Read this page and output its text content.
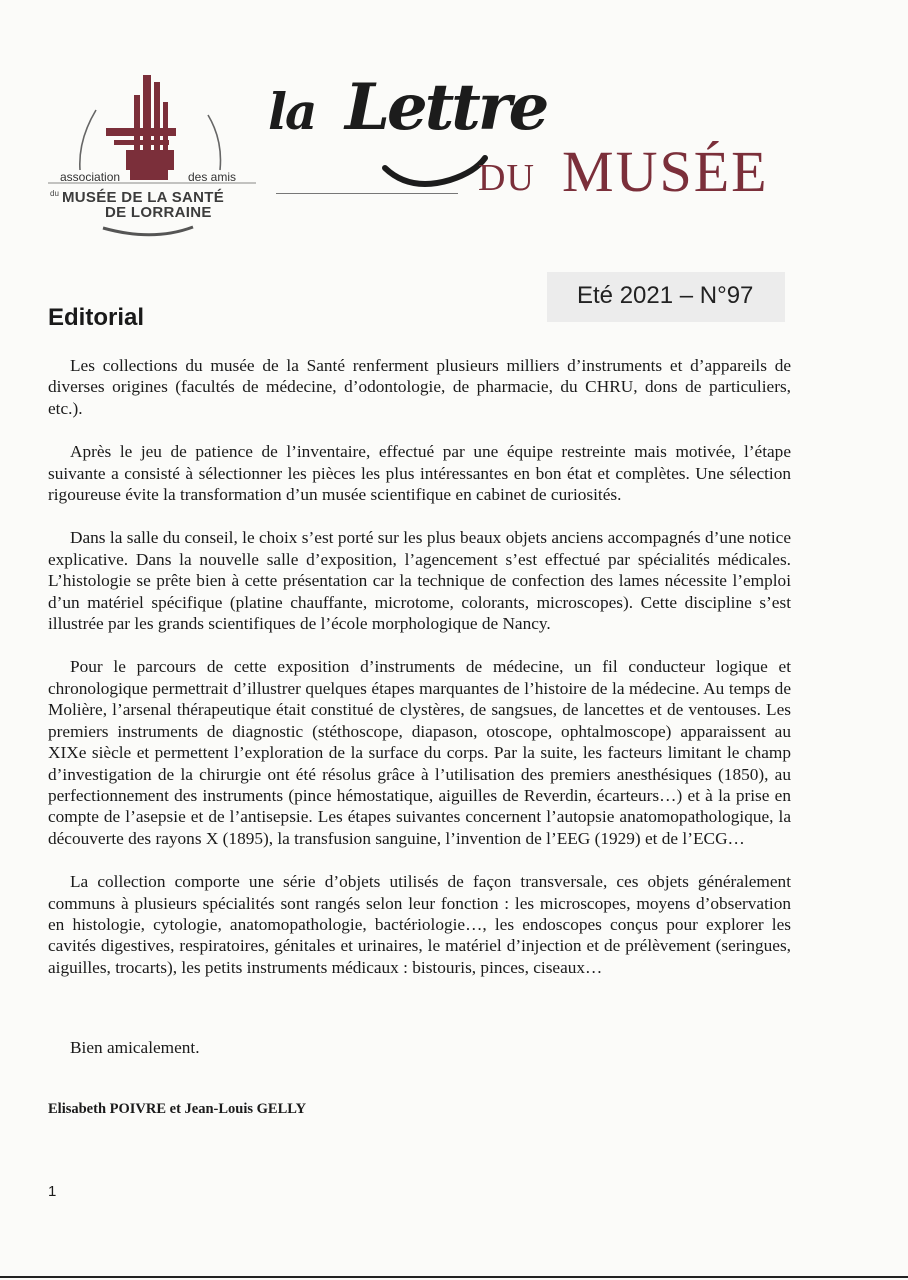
association	des amis
du MUSÉE DE LA SANTÉ
DE LORRAINE
la Lettre
DU MUSÉE
Eté 2021 – N°97
Editorial

Les collections du musée de la Santé renferment plusieurs milliers d’instruments et d’appareils de diverses origines (facultés de médecine, d’odontologie, de pharmacie, du CHRU, dons de particuliers, etc.).

Après le jeu de patience de l’inventaire, effectué par une équipe restreinte mais motivée, l’étape suivante a consisté à sélectionner les pièces les plus intéressantes en bon état et complètes. Une sélection rigoureuse évite la transformation d’un musée scientifique en cabinet de curiosités.

Dans la salle du conseil, le choix s’est porté sur les plus beaux objets anciens accompagnés d’une notice explicative. Dans la nouvelle salle d’exposition, l’agencement s’est effectué par spécialités médicales. L’histologie se prête bien à cette présentation car la technique de confection des lames nécessite l’emploi d’un matériel spécifique (platine chauffante, microtome, colorants, microscopes). Cette discipline s’est illustrée par les grands scientifiques de l’école morphologique de Nancy.

Pour le parcours de cette exposition d’instruments de médecine, un fil conducteur logique et chronologique permettrait d’illustrer quelques étapes marquantes de l’histoire de la médecine. Au temps de Molière, l’arsenal thérapeutique était constitué de clystères, de sangsues, de lancettes et de ventouses. Les premiers instruments de diagnostic (stéthoscope, diapason, otoscope, ophtalmoscope) apparaissent au XIXe siècle et permettent l’exploration de la surface du corps. Par la suite, les facteurs limitant le champ d’investigation de la chirurgie ont été résolus grâce à l’utilisation des premiers anesthésiques (1850), au perfectionnement des instruments (pince hémostatique, aiguilles de Reverdin, écarteurs…) et à la prise en compte de l’asepsie et de l’antisepsie. Les étapes suivantes concernent l’autopsie anatomopathologique, la découverte des rayons X (1895), la transfusion sanguine, l’invention de l’EEG (1929) et de l’ECG…

La collection comporte une série d’objets utilisés de façon transversale, ces objets généralement communs à plusieurs spécialités sont rangés selon leur fonction : les microscopes, moyens d’observation en histologie, cytologie, anatomopathologie, bactériologie…, les endoscopes conçus pour explorer les cavités digestives, respiratoires, génitales et urinaires, le matériel d’injection et de prélèvement (seringues, aiguilles, trocarts), les petits instruments médicaux : bistouris, pinces, ciseaux…

Bien amicalement.
Elisabeth POIVRE et Jean-Louis GELLY
1
